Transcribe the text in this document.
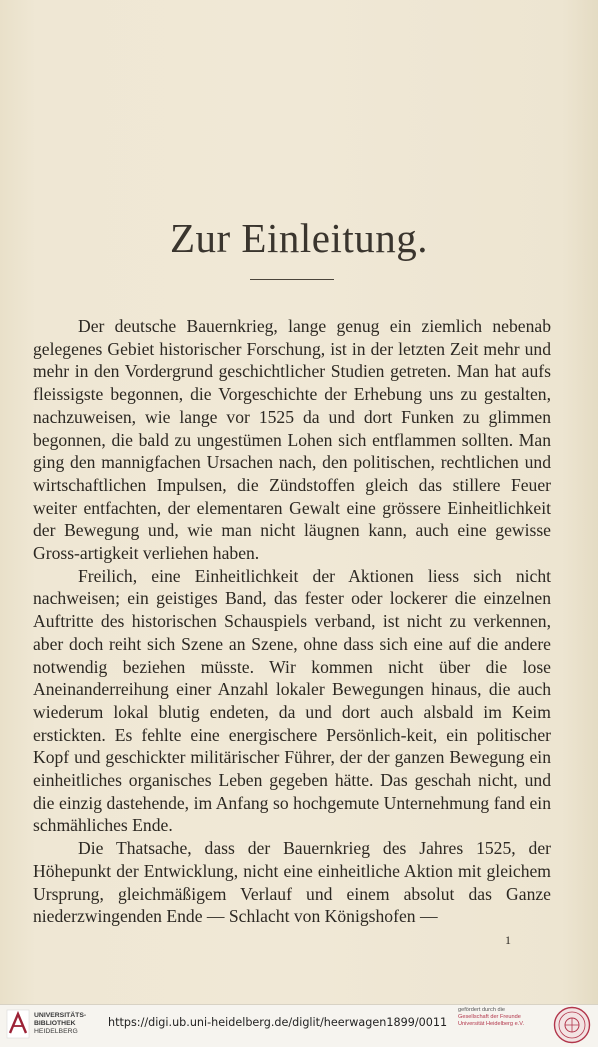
Zur Einleitung.

Der deutsche Bauernkrieg, lange genug ein ziemlich nebenab gelegenes Gebiet historischer Forschung, ist in der letzten Zeit mehr und mehr in den Vordergrund geschichtlicher Studien getreten. Man hat aufs fleissigste begonnen, die Vorgeschichte der Erhebung uns zu gestalten, nachzuweisen, wie lange vor 1525 da und dort Funken zu glimmen begonnen, die bald zu ungestümen Lohen sich entflammen sollten. Man ging den mannigfachen Ursachen nach, den politischen, rechtlichen und wirtschaftlichen Impulsen, die Zündstoffen gleich das stillere Feuer weiter entfachten, der elementaren Gewalt eine grössere Einheitlichkeit der Bewegung und, wie man nicht läugnen kann, auch eine gewisse Gross-artigkeit verliehen haben.

Freilich, eine Einheitlichkeit der Aktionen liess sich nicht nachweisen; ein geistiges Band, das fester oder lockerer die einzelnen Auftritte des historischen Schauspiels verband, ist nicht zu verkennen, aber doch reiht sich Szene an Szene, ohne dass sich eine auf die andere notwendig beziehen müsste. Wir kommen nicht über die lose Aneinanderreihung einer Anzahl lokaler Bewegungen hinaus, die auch wiederum lokal blutig endeten, da und dort auch alsbald im Keim erstickten. Es fehlte eine energischere Persönlich-keit, ein politischer Kopf und geschickter militärischer Führer, der der ganzen Bewegung ein einheitliches organisches Leben gegeben hätte. Das geschah nicht, und die einzig dastehende, im Anfang so hochgemute Unternehmung fand ein schmähliches Ende.

Die Thatsache, dass der Bauernkrieg des Jahres 1525, der Höhepunkt der Entwicklung, nicht eine einheitliche Aktion mit gleichem Ursprung, gleichmäßigem Verlauf und einem absolut das Ganze niederzwingenden Ende — Schlacht von Königshofen —

1
UNIVERSITÄTS-
BIBLIOTHEK
HEIDELBERG
https://digi.ub.uni-heidelberg.de/diglit/heerwagen1899/0011
gefördert durch die
Gesellschaft der Freunde
Universität Heidelberg e.V.
